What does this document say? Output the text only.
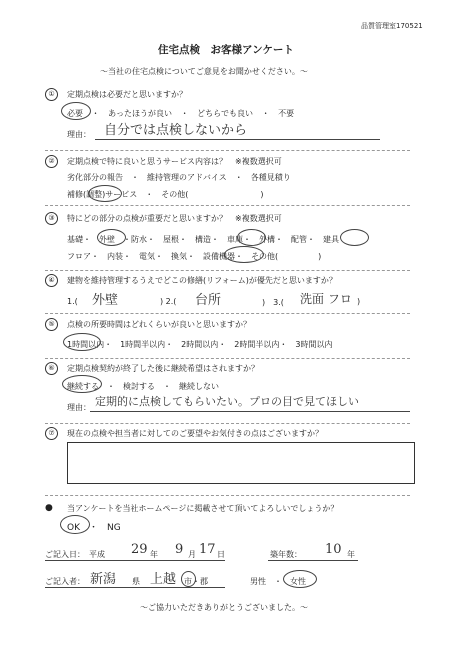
品質管理室170521
住宅点検　お客様アンケート
～当社の住宅点検についてご意見をお聞かせください。～
①	定期点検は必要だと思いますか？
必要 ・ あったほうが良い ・ どちらでも良い ・ 不要
理由： 自分では点検しないから
②	定期点検で特に良いと思うサービス内容は？　※複数選択可
劣化部分の報告　・　維持管理のアドバイス　・　各種見積り
補修(調整)サービス　・　その他(　　　　　　　　　)
③	特にどの部分の点検が重要だと思いますか？　※複数選択可
基礎・　外壁　・防水・　屋根・　構造・　車庫・　外構・　配管・　建具
フロア・　内装・　電気・　換気・　設備機器・　その他(　　　　　)
④	建物を維持管理するうえでどこの修繕(リフォーム)が優先だと思いますか？
1.( 外壁	) 2.( 台所	)　3.( 洗面 フロ )
⑤	点検の所要時間はどれくらいが良いと思いますか？
1時間以内・　1時間半以内・　2時間以内・　2時間半以内・　3時間以内
⑥	定期点検契約が終了した後に継続希望はされますか？
継続する　・　検討する　・　継続しない
理由： 定期的に点検してもらいたい。プロの目で見てほしい
⑦	現在の点検や担当者に対してのご要望やお気付きの点はございますか？
● 当アンケートを当社ホームページに掲載させて頂いてよろしいでしょうか？
OK　・　NG
ご記入日：　平成 29 年 9 月 17 日	築年数： 10 年
ご記入者： 新潟 県 上越 市・郡	男性　・　女性
～ご協力いただきありがとうございました。～
